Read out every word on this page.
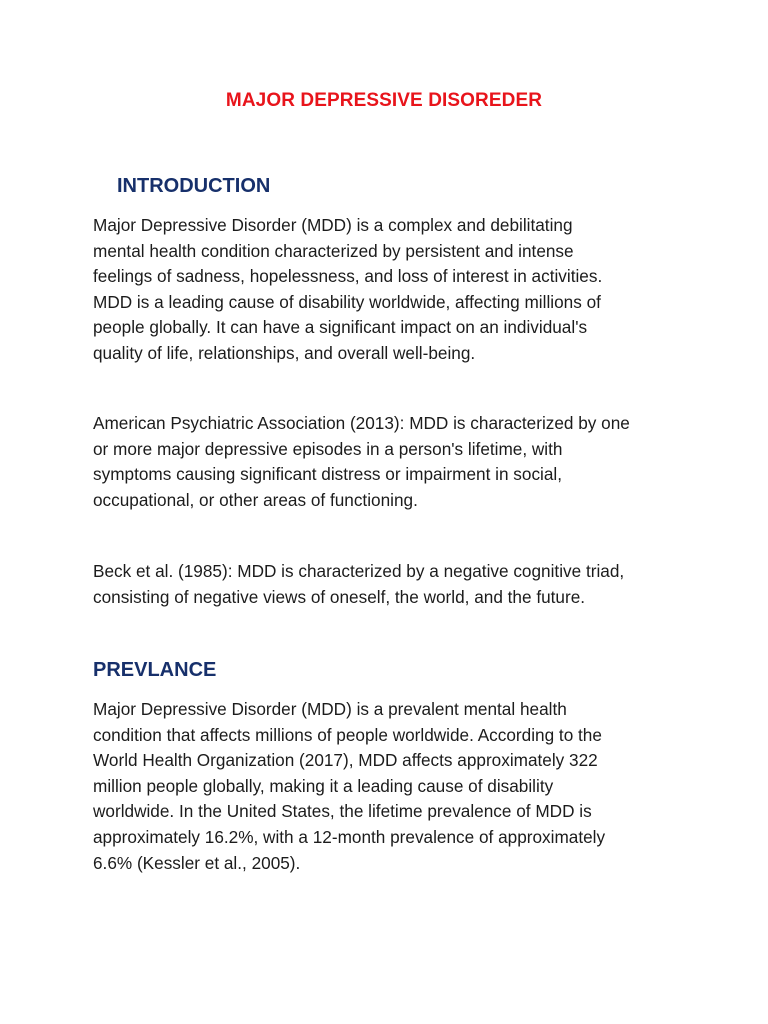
MAJOR DEPRESSIVE DISOREDER
INTRODUCTION

Major Depressive Disorder (MDD) is a complex and debilitating
mental health condition characterized by persistent and intense
feelings of sadness, hopelessness, and loss of interest in activities.
MDD is a leading cause of disability worldwide, affecting millions of
people globally. It can have a significant impact on an individual's
quality of life, relationships, and overall well-being.

American Psychiatric Association (2013): MDD is characterized by one
or more major depressive episodes in a person's lifetime, with
symptoms causing significant distress or impairment in social,
occupational, or other areas of functioning.

Beck et al. (1985): MDD is characterized by a negative cognitive triad,
consisting of negative views of oneself, the world, and the future.

PREVLANCE

Major Depressive Disorder (MDD) is a prevalent mental health
condition that affects millions of people worldwide. According to the
World Health Organization (2017), MDD affects approximately 322
million people globally, making it a leading cause of disability
worldwide. In the United States, the lifetime prevalence of MDD is
approximately 16.2%, with a 12-month prevalence of approximately
6.6% (Kessler et al., 2005).
